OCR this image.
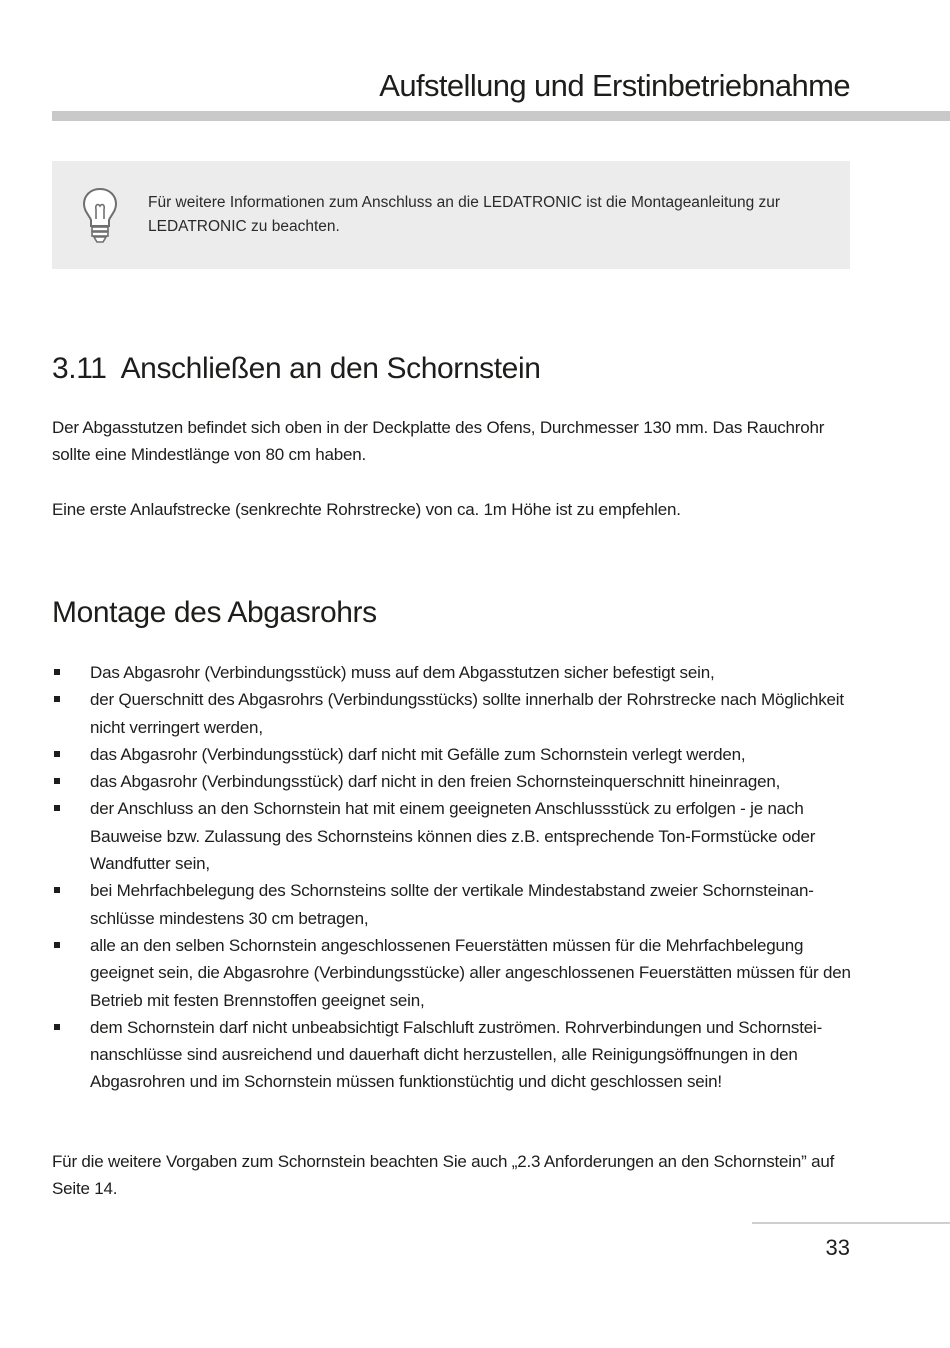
Aufstellung und Erstinbetriebnahme
Für weitere Informationen zum Anschluss an die LEDATRONIC ist die Montageanleitung zur LEDATRONIC zu beachten.
3.11 Anschließen an den Schornstein
Der Abgasstutzen befindet sich oben in der Deckplatte des Ofens, Durchmesser 130 mm. Das Rauchrohr sollte eine Mindestlänge von 80 cm haben.
Eine erste Anlaufstrecke (senkrechte Rohrstrecke) von ca. 1m Höhe ist zu empfehlen.
Montage des Abgasrohrs
Das Abgasrohr (Verbindungsstück) muss auf dem Abgasstutzen sicher befestigt sein,
der Querschnitt des Abgasrohrs (Verbindungsstücks) sollte innerhalb der Rohrstrecke nach Möglichkeit nicht verringert werden,
das Abgasrohr (Verbindungsstück) darf nicht mit Gefälle zum Schornstein verlegt werden,
das Abgasrohr (Verbindungsstück) darf nicht in den freien Schornsteinquerschnitt hineinragen,
der Anschluss an den Schornstein hat mit einem geeigneten Anschlussstück zu erfolgen - je nach Bauweise bzw. Zulassung des Schornsteins können dies z.B. entsprechende Ton-Formstücke oder Wandfutter sein,
bei Mehrfachbelegung des Schornsteins sollte der vertikale Mindestabstand zweier Schornsteinan-schlüsse mindestens 30 cm betragen,
alle an den selben Schornstein angeschlossenen Feuerstätten müssen für die Mehrfachbelegung geeignet sein, die Abgasrohre (Verbindungsstücke) aller angeschlossenen Feuerstätten müssen für den Betrieb mit festen Brennstoffen geeignet sein,
dem Schornstein darf nicht unbeabsichtigt Falschluft zuströmen. Rohrverbindungen und Schornstei-nanschlüsse sind ausreichend und dauerhaft dicht herzustellen, alle Reinigungsöffnungen in den Abgasrohren und im Schornstein müssen funktionstüchtig und dicht geschlossen sein!
Für die weitere Vorgaben zum Schornstein beachten Sie auch „2.3 Anforderungen an den Schornstein” auf Seite 14.
33
